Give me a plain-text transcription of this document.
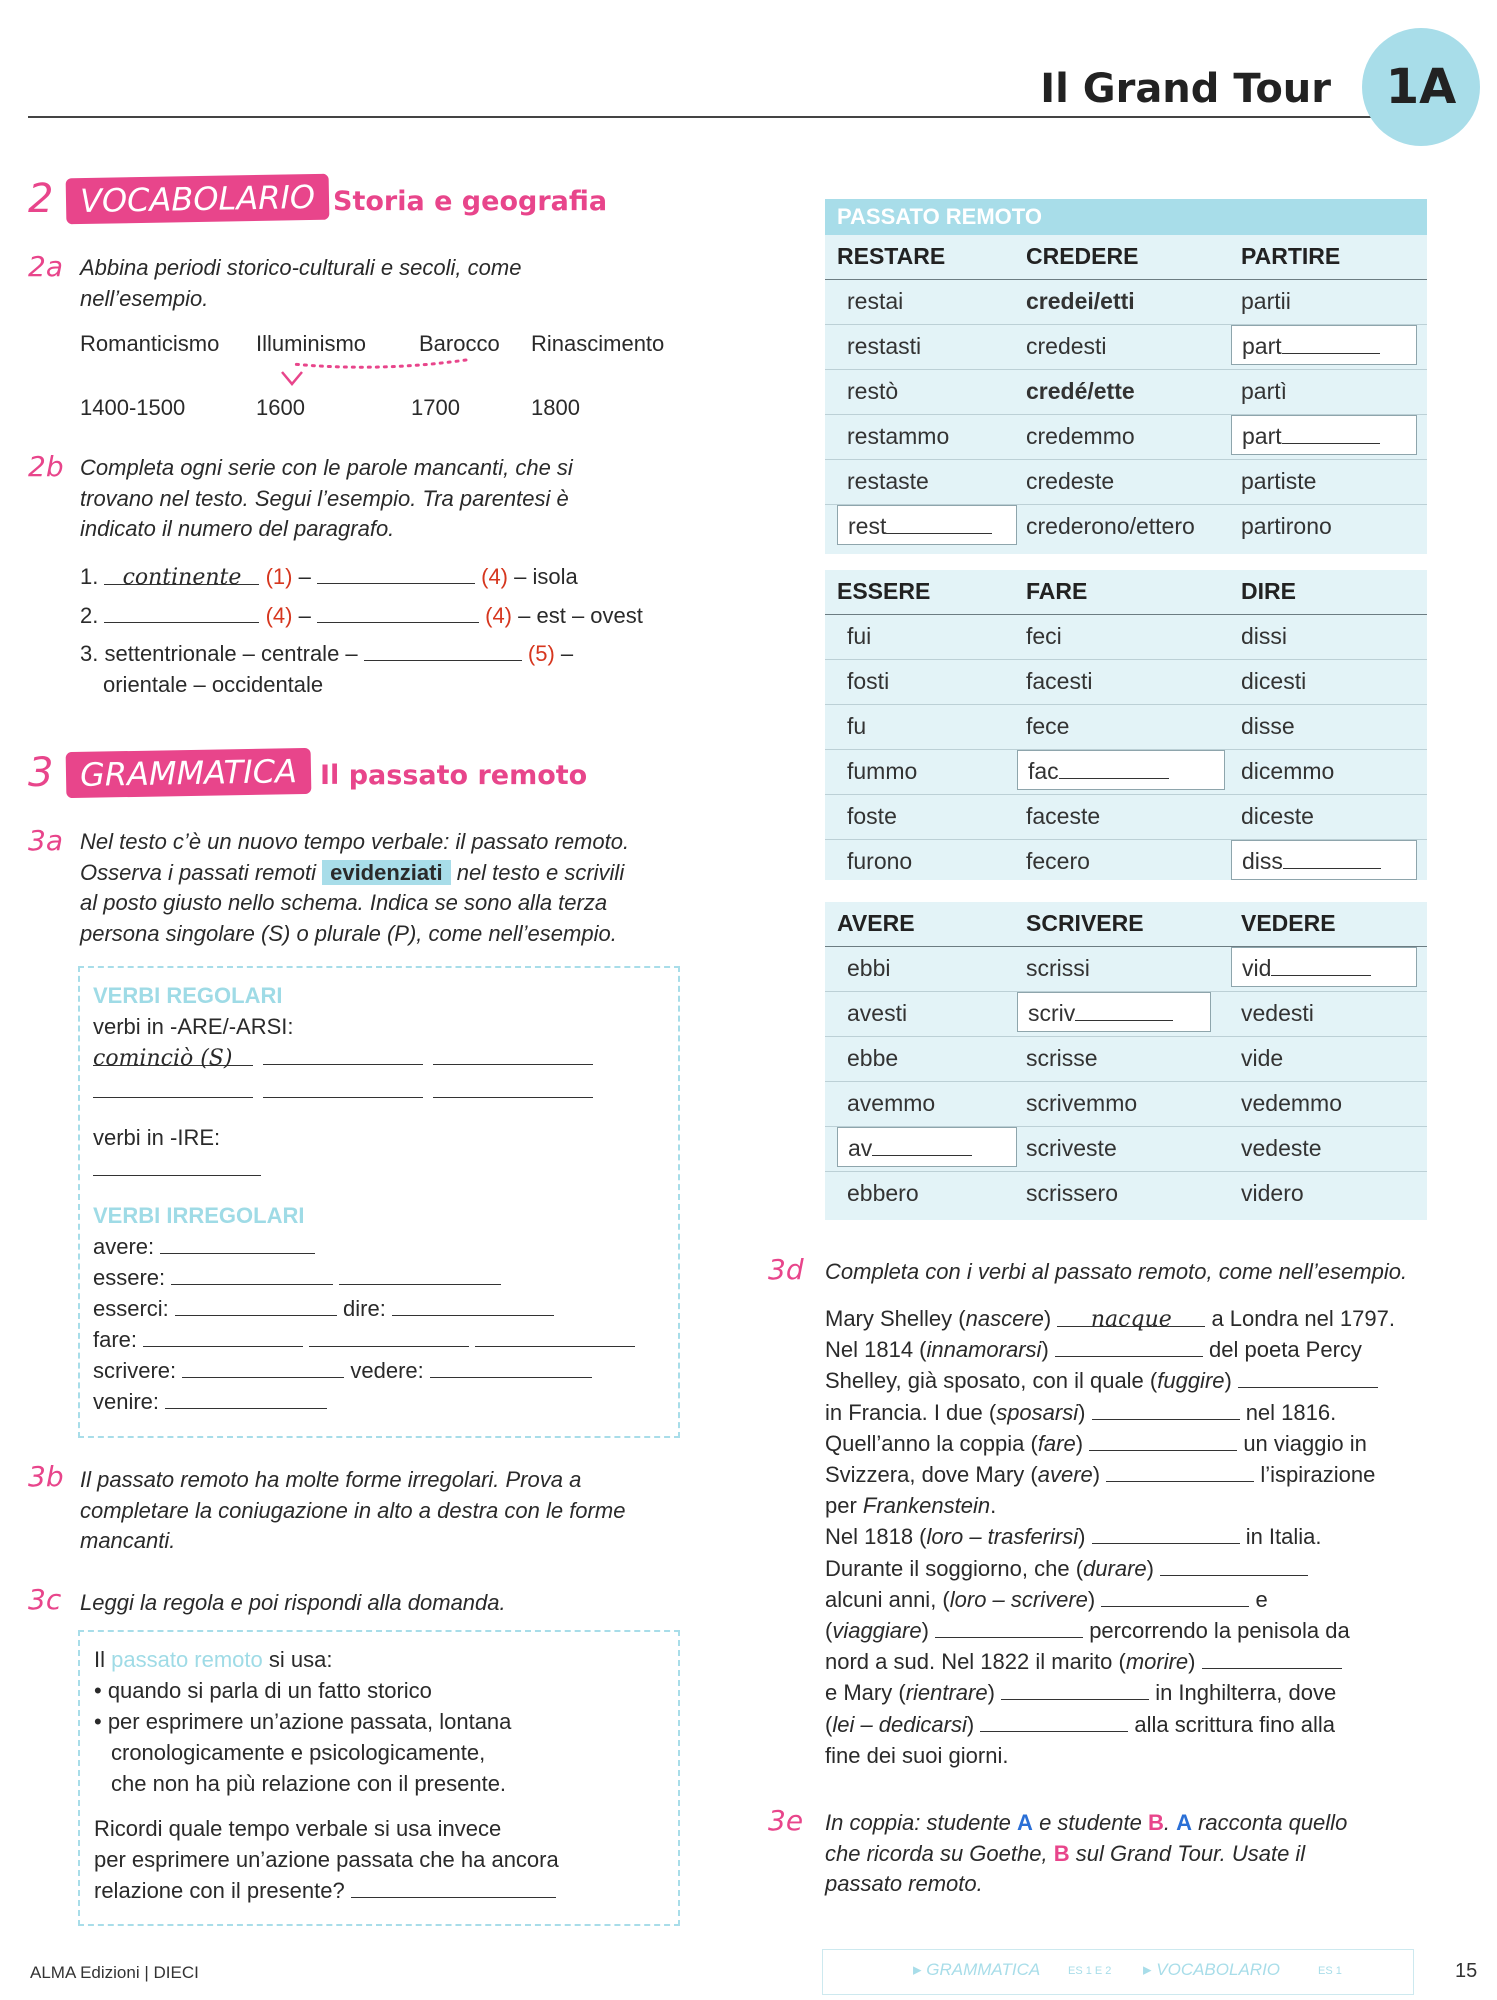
Il Grand Tour	1A
2 VOCABOLARIO Storia e geografia
2a Abbina periodi storico-culturali e secoli, come
nell’esempio.
Romanticismo Illuminismo Barocco Rinascimento
1400-1500	1600	1700	1800
2b Completa ogni serie con le parole mancanti, che si
trovano nel testo. Segui l’esempio. Tra parentesi è
indicato il numero del paragrafo.
1. continente (1) –	(4) – isola
2.	(4) –	(4) – est – ovest
3. settentrionale – centrale –	(5) –
orientale – occidentale
3 GRAMMATICA Il passato remoto
3a Nel testo c’è un nuovo tempo verbale: il passato remoto.
Osserva i passati remoti evidenziati nel testo e scrivili
al posto giusto nello schema. Indica se sono alla terza
persona singolare (S) o plurale (P), come nell’esempio.
VERBI REGOLARI
verbi in -ARE/-ARSI:
cominciò (S)

verbi in -IRE:
VERBI IRREGOLARI
avere:
essere:
esserci:	dire:
fare:
scrivere:	vedere:
venire:
3b Il passato remoto ha molte forme irregolari. Prova a
completare la coniugazione in alto a destra con le forme
mancanti.
3c Leggi la regola e poi rispondi alla domanda.
Il passato remoto si usa:
• quando si parla di un fatto storico
• per esprimere un’azione passata, lontana
cronologicamente e psicologicamente,
che non ha più relazione con il presente.
Ricordi quale tempo verbale si usa invece
per esprimere un’azione passata che ha ancora
relazione con il presente?
PASSATO REMOTO
RESTARE	CREDERE	PARTIRE
restai	credei/etti	partii
restasti	credesti	part
restò	credé/ette	partì
restammo	credemmo	part
restaste	credeste	partiste
rest	crederono/ettero partirono
ESSERE	FARE	DIRE
fui	feci	dissi
fosti	facesti	dicesti
fu	fece	disse
fummo	fac	dicemmo
foste	faceste	diceste
furono	fecero	diss
AVERE	SCRIVERE	VEDERE
ebbi	scrissi	vid
avesti	scriv	vedesti
ebbe	scrisse	vide
avemmo	scrivemmo	vedemmo
av	scriveste	vedeste
ebbero	scrissero	videro
3d Completa con i verbi al passato remoto, come nell’esempio.
Mary Shelley (nascere) nacque a Londra nel 1797.
Nel 1814 (innamorarsi)	del poeta Percy
Shelley, già sposato, con il quale (fuggire)
in Francia. I due (sposarsi)	nel 1816.
Quell’anno la coppia (fare)	un viaggio in
Svizzera, dove Mary (avere)	l’ispirazione
per Frankenstein.
Nel 1818 (loro – trasferirsi)	in Italia.
Durante il soggiorno, che (durare)
alcuni anni, (loro – scrivere)	e
(viaggiare)	percorrendo la penisola da
nord a sud. Nel 1822 il marito (morire)
e Mary (rientrare)	in Inghilterra, dove
(lei – dedicarsi)	alla scrittura fino alla
fine dei suoi giorni.
3e In coppia: studente A e studente B. A racconta quello
che ricorda su Goethe, B sul Grand Tour. Usate il
passato remoto.
ALMA Edizioni | DIECI	▸ GRAMMATICA	ES 1 E 2 ▸ VOCABOLARIO	ES 1	15
